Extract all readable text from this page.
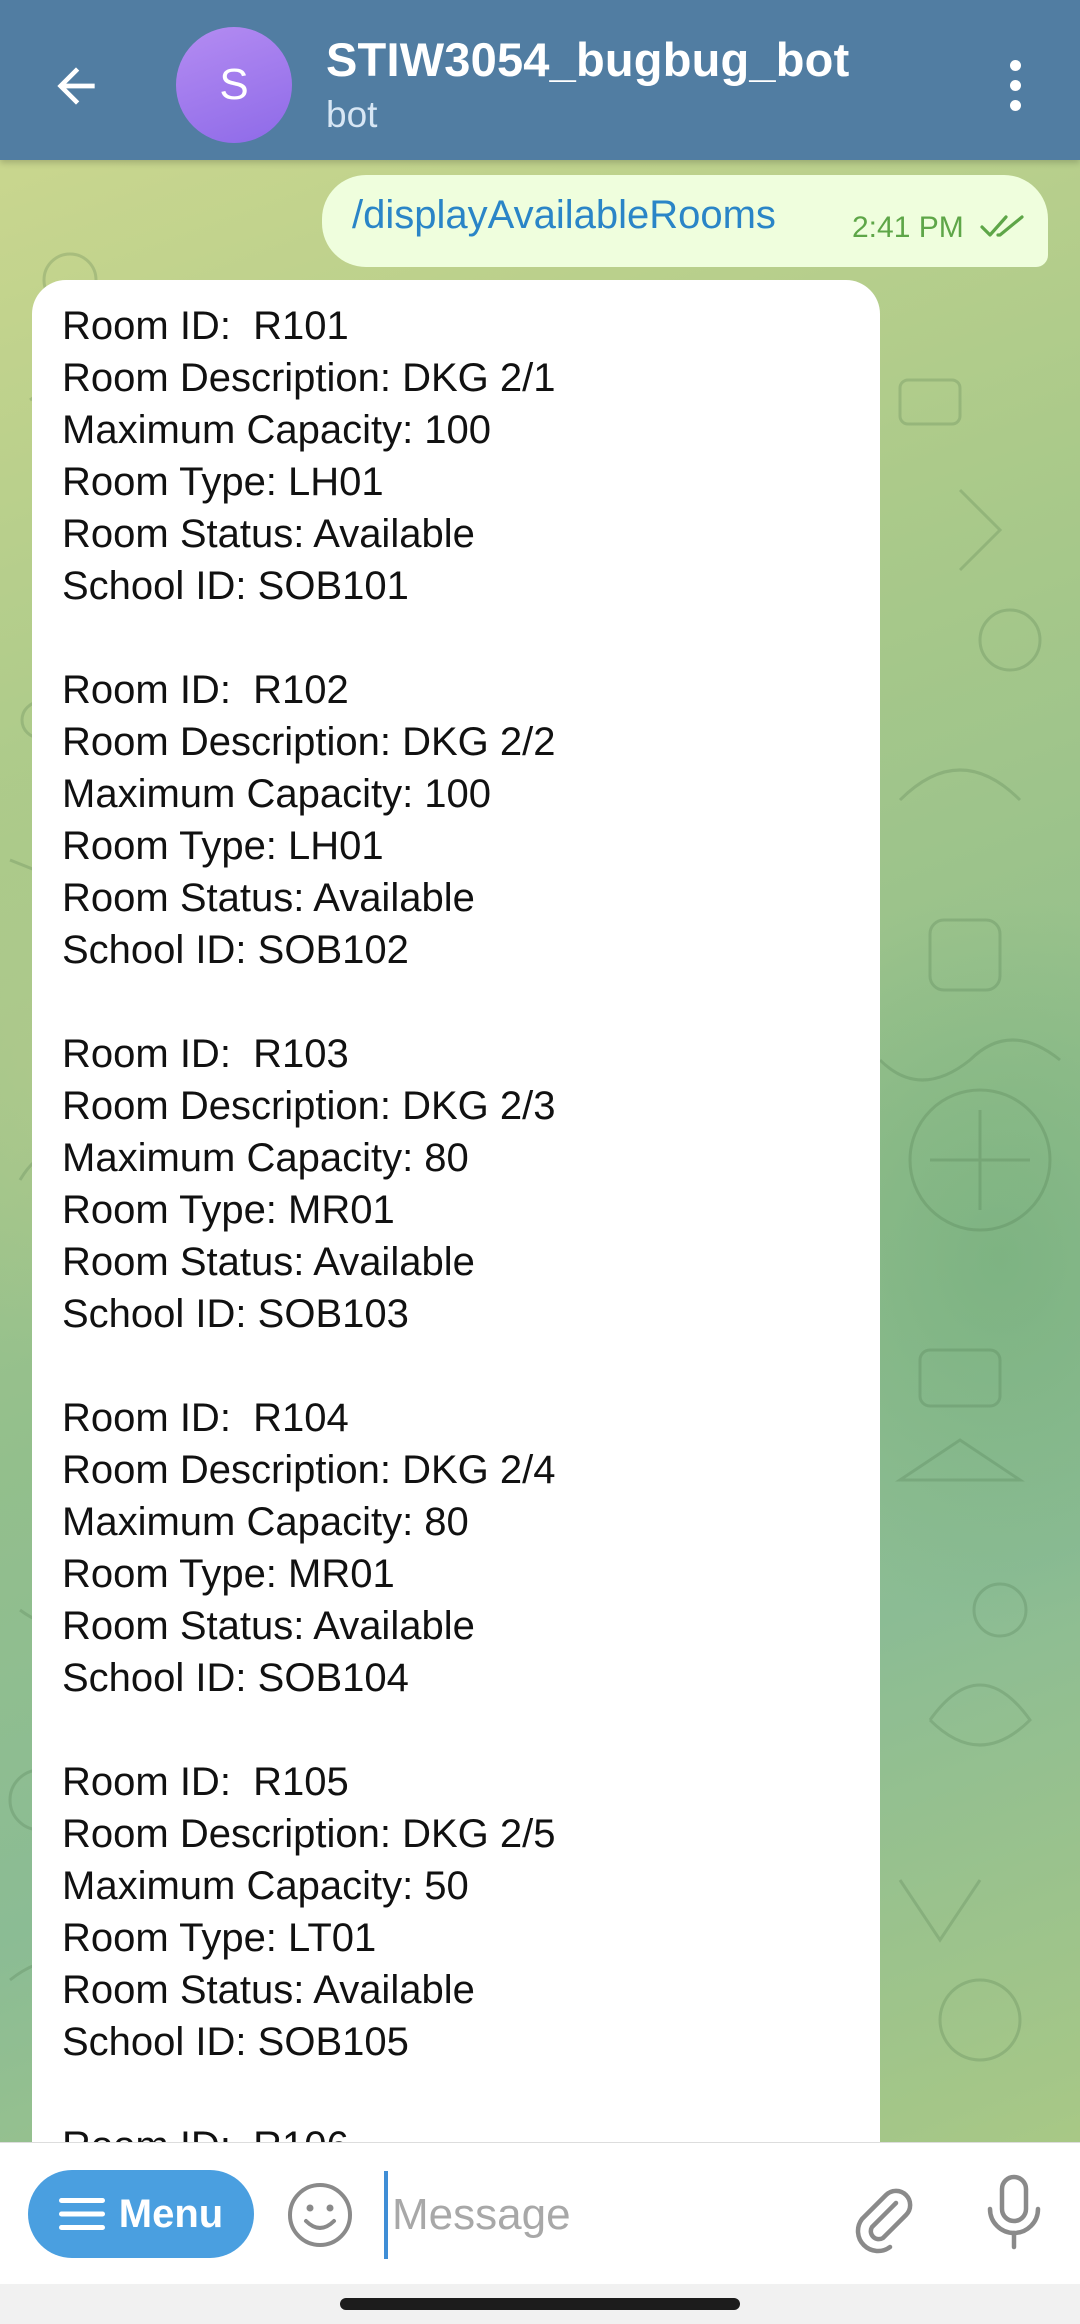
S STIW3054_bugbug_bot
bot
/displayAvailableRooms	2:41 PM
Room ID:  R101
Room Description: DKG 2/1
Maximum Capacity: 100
Room Type: LH01
Room Status: Available
School ID: SOB101
Room ID:  R102
Room Description: DKG 2/2
Maximum Capacity: 100
Room Type: LH01
Room Status: Available
School ID: SOB102
Room ID:  R103
Room Description: DKG 2/3
Maximum Capacity: 80
Room Type: MR01
Room Status: Available
School ID: SOB103
Room ID:  R104
Room Description: DKG 2/4
Maximum Capacity: 80
Room Type: MR01
Room Status: Available
School ID: SOB104
Room ID:  R105
Room Description: DKG 2/5
Maximum Capacity: 50
Room Type: LT01
Room Status: Available
School ID: SOB105
Menu
Message
